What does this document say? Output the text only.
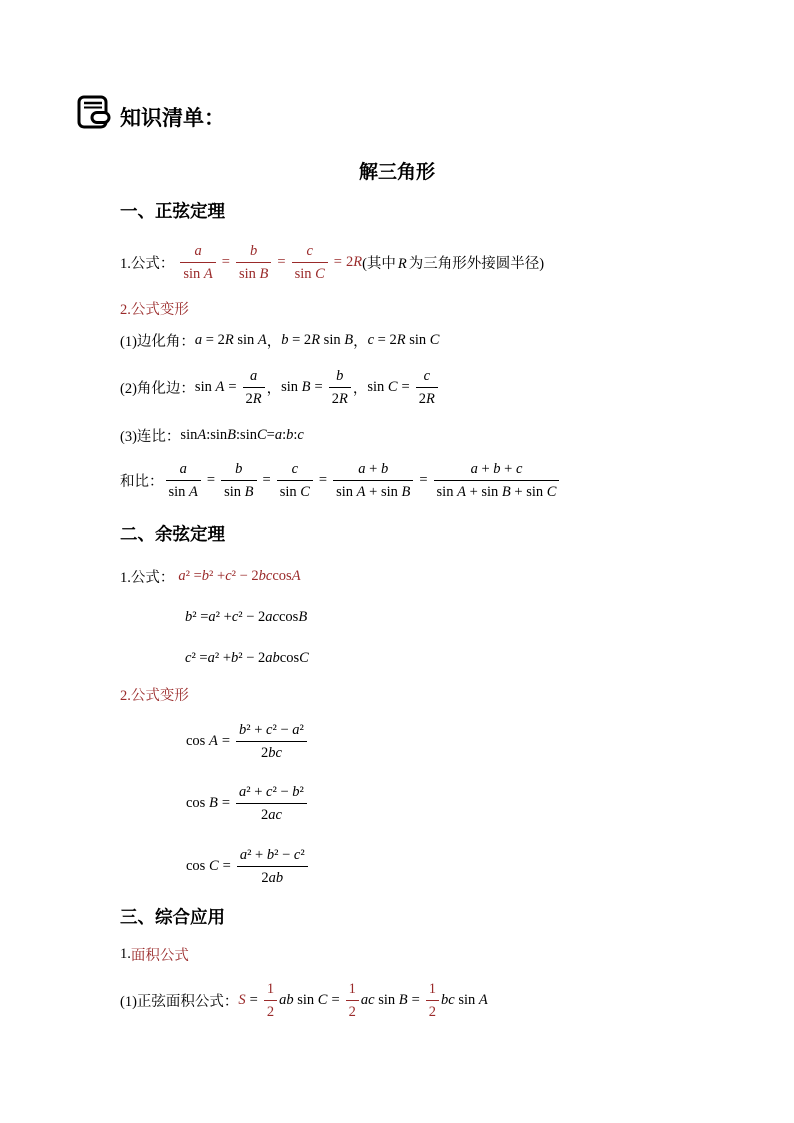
知识清单：
解三角形
一、正弦定理
1.公式： $\frac{a}{\text{sin A}} = \frac{b}{\text{sin B}} = \frac{c}{\text{sin C}} = 2R$ (其中 R 为三角形外接圆半径)
2.公式变形
(1)边化角： a = 2R sin A ， b = 2R sin B ， c = 2R sin C
(2)角化边： $\sin A = \frac{a}{2R}$ ， $\sin B = \frac{b}{2R}$ ， $\sin C = \frac{c}{2R}$
(3)连比： sin A : sin B : sin C = a : b : c
和比： $\frac{a}{\text{sin A}} = \frac{b}{\text{sin B}} = \frac{c}{\text{sin C}} = \frac{a + b}{\text{sin A + sin B}} = \frac{a + b + c}{\text{sin A + sin B + sin C}}$
二、余弦定理
1.公式： a ² = b ² + c ² − 2 b c cos A
b ² = a ² + c ² − 2 a c cos B
c ² = a ² + b ² − 2 a b cos C
2.公式变形
$\cos A = \frac{\text{b² + c² − a²}}{2bc}$
$\cos B = \frac{\text{a² + c² − b²}}{2ac}$
$\cos C = \frac{\text{a² + b² − c²}}{2ab}$
三、综合应用
1. 面积公式
(1)正弦面积公式： $S = \frac{1}{2}$ ab $\sin C = \frac{1}{2}$ ac $\sin B = \frac{1}{2}$ bc sin A
